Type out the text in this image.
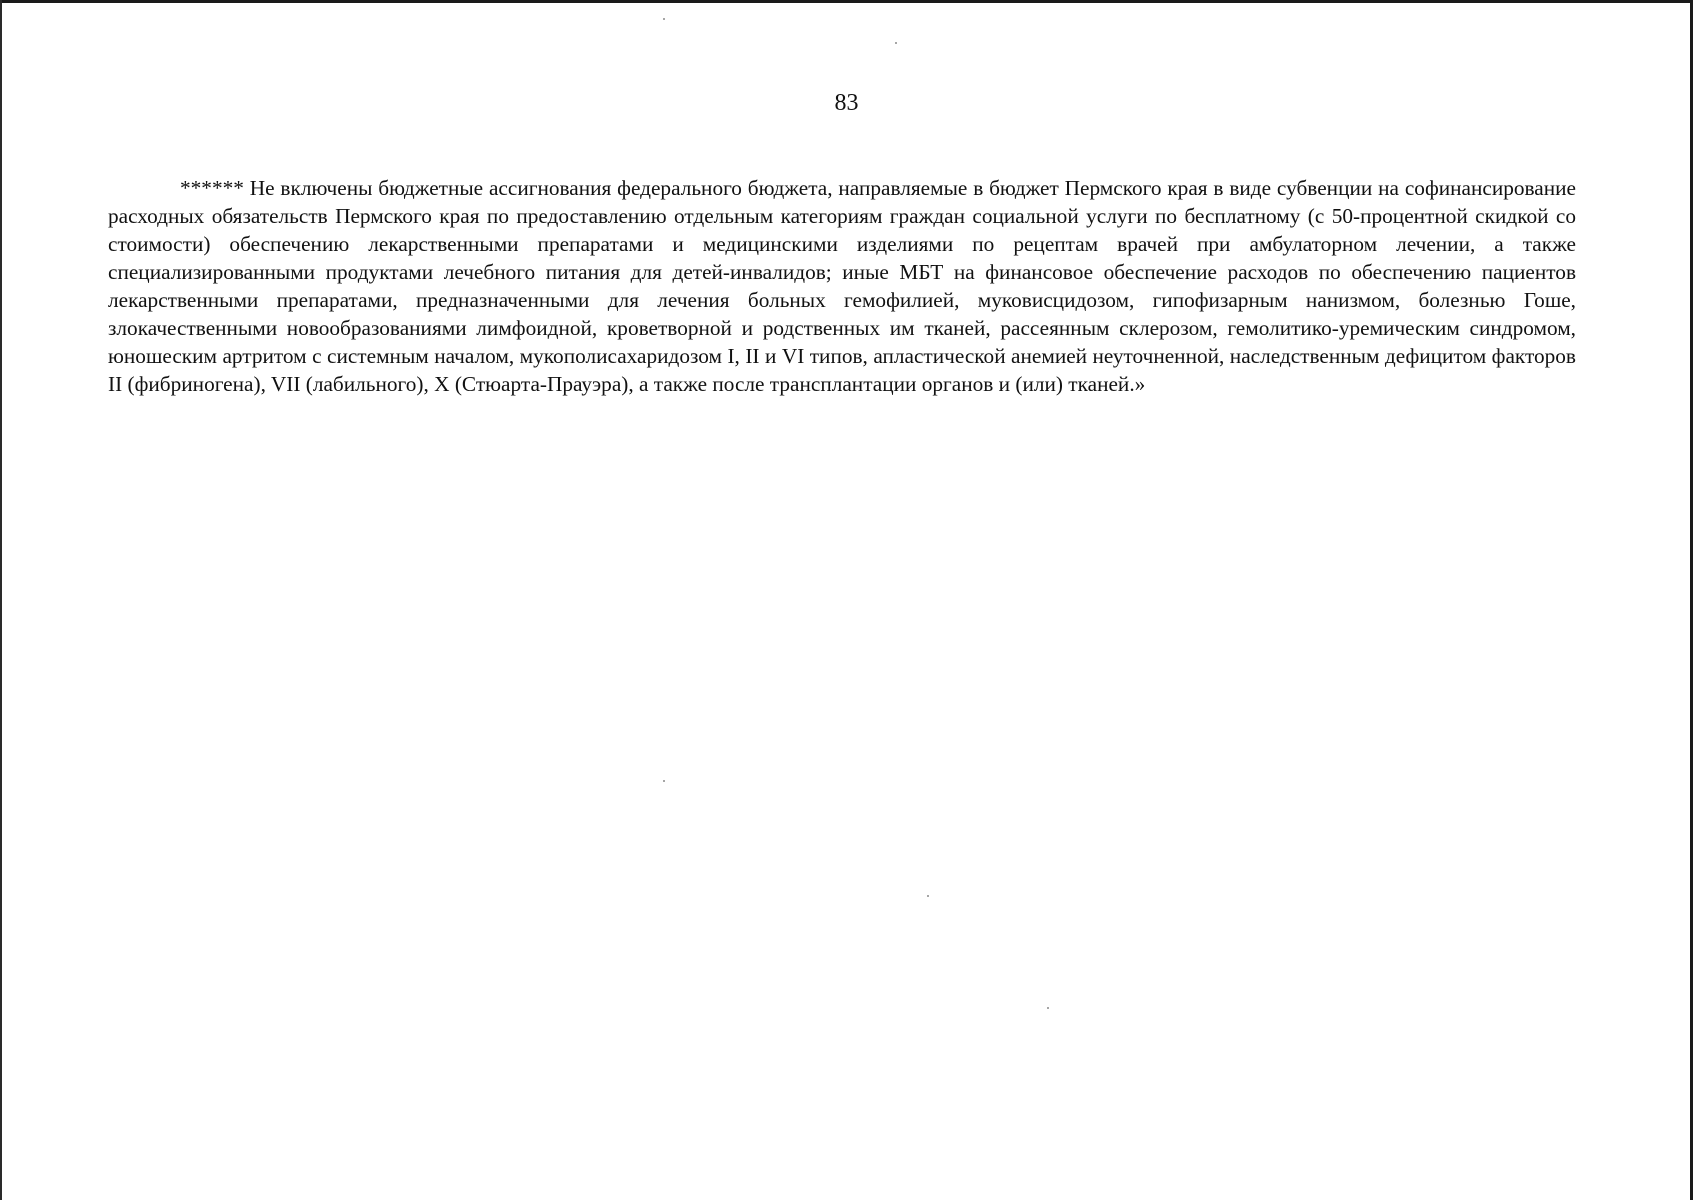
83

****** Не включены бюджетные ассигнования федерального бюджета, направляемые в бюджет Пермского края в виде субвенции на софинансирование расходных обязательств Пермского края по предоставлению отдельным категориям граждан социальной услуги по бесплатному (с 50-процентной скидкой со стоимости) обеспечению лекарственными препаратами и медицинскими изделиями по рецептам врачей при амбулаторном лечении, а также специализированными продуктами лечебного питания для детей-инвалидов; иные МБТ на финансовое обеспечение расходов по обеспечению пациентов лекарственными препаратами, предназначенными для лечения больных гемофилией, муковисцидозом, гипофизарным нанизмом, болезнью Гоше, злокачественными новообразованиями лимфоидной, кроветворной и родственных им тканей, рассеянным склерозом, гемолитико-уремическим синдромом, юношеским артритом с системным началом, мукополисахаридозом I, II и VI типов, апластической анемией неуточненной, наследственным дефицитом факторов II (фибриногена), VII (лабильного), X (Стюарта-Прауэра), а также после трансплантации органов и (или) тканей.»
